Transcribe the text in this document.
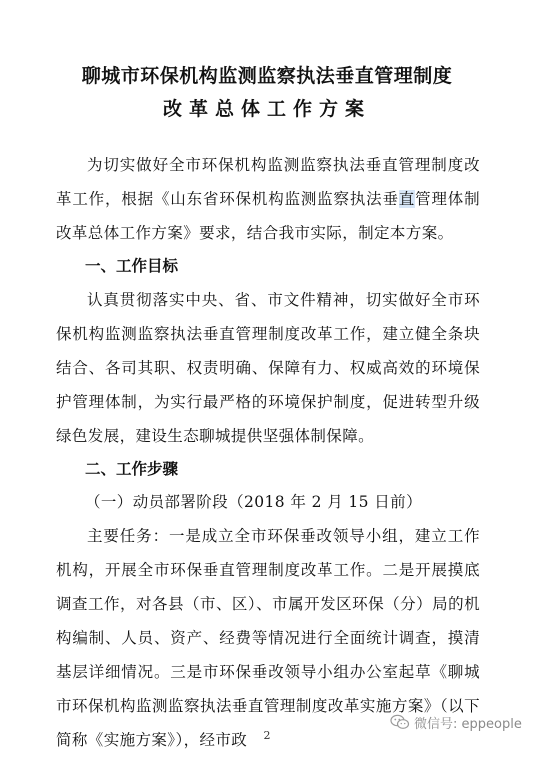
聊城市环保机构监测监察执法垂直管理制度
改革总体工作方案
为切实做好全市环保机构监测监察执法垂直管理制度改革工作，根据《山东省环保机构监测监察执法垂直管理体制改革总体工作方案》要求，结合我市实际，制定本方案。
一、工作目标
认真贯彻落实中央、省、市文件精神，切实做好全市环保机构监测监察执法垂直管理制度改革工作，建立健全条块结合、各司其职、权责明确、保障有力、权威高效的环境保护管理体制，为实行最严格的环境保护制度，促进转型升级绿色发展，建设生态聊城提供坚强体制保障。
二、工作步骤
（一）动员部署阶段（2018 年 2 月 15 日前）
主要任务：一是成立全市环保垂改领导小组，建立工作机构，开展全市环保垂直管理制度改革工作。二是开展摸底调查工作，对各县（市、区）、市属开发区环保（分）局的机构编制、人员、资产、经费等情况进行全面统计调查，摸清基层详细情况。三是市环保垂改领导小组办公室起草《聊城市环保机构监测监察执法垂直管理制度改革实施方案》（以下简称《实施方案》），经市政
微信号: eppeople
2
